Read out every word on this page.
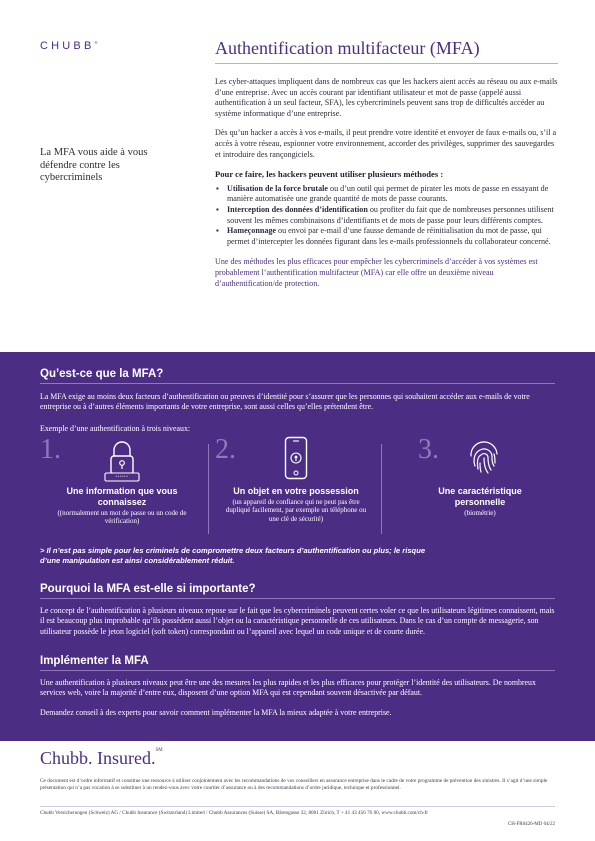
CHUBB®	Authentification multifacteur (MFA)
La MFA vous aide à vous défendre contre les cybercriminels

Les cyber-attaques impliquent dans de nombreux cas que les hackers aient accès au réseau ou aux e-mails d’une entreprise. Avec un accès courant par identifiant utilisateur et mot de passe (appelé aussi authentification à un seul facteur, SFA), les cybercriminels peuvent sans trop de difficultés accéder au système informatique d’une entreprise.

Dès qu’un hacker a accès à vos e-mails, il peut prendre votre identité et envoyer de faux e-mails ou, s’il a accès à votre réseau, espionner votre environnement, accorder des privilèges, supprimer des sauvegardes et introduire des rançongiciels.

Pour ce faire, les hackers peuvent utiliser plusieurs méthodes :
▪ Utilisation de la force brutale ou d’un outil qui permet de pirater les mots de passe en essayant de manière automatisée une grande quantité de mots de passe courants.
▪ Interception des données d’identification ou profiter du fait que de nombreuses personnes utilisent souvent les mêmes combinaisons d’identifiants et de mots de passe pour leurs différents comptes.
▪ Hameçonnage ou envoi par e-mail d’une fausse demande de réinitialisation du mot de passe, qui permet d’intercepter les données figurant dans les e-mails professionnels du collaborateur concerné.

Une des méthodes les plus efficaces pour empêcher les cybercriminels d’accéder à vos systèmes est probablement l’authentification multifacteur (MFA) car elle offre un deuxième niveau d’authentification/de protection.

Qu’est-ce que la MFA?
La MFA exige au moins deux facteurs d’authentification ou preuves d’identité pour s’assurer que les personnes qui souhaitent accéder aux e-mails de votre entreprise ou à d’autres éléments importants de votre entreprise, sont aussi celles qu’elles prétendent être.
Exemple d’une authentification à trois niveaux:
1.
******
Une information que vous connaissez
((normalement un mot de passe ou un code de vérification)
2.
Un objet en votre possession
(un appareil de confiance qui ne peut pas être dupliqué facilement, par exemple un téléphone ou une clé de sécurité)
3.
Une caractéristique personnelle
(biométrie)
> Il n’est pas simple pour les criminels de compromettre deux facteurs d’authentification ou plus; le risque d’une manipulation est ainsi considérablement réduit.
Pourquoi la MFA est-elle si importante?
Le concept de l’authentification à plusieurs niveaux repose sur le fait que les cybercriminels peuvent certes voler ce que les utilisateurs légitimes connaissent, mais il est beaucoup plus improbable qu’ils possèdent aussi l’objet ou la caractéristique personnelle de ces utilisateurs. Dans le cas d’un compte de messagerie, son utilisateur possède le jeton logiciel (soft token) correspondant ou l’appareil avec lequel un code unique et de courte durée.
Implémenter la MFA
Une authentification à plusieurs niveaux peut être une des mesures les plus rapides et les plus efficaces pour protéger l’identité des utilisateurs. De nombreux services web, voire la majorité d’entre eux, disposent d’une option MFA qui est cependant souvent désactivée par défaut.
Demandez conseil à des experts pour savoir comment implémenter la MFA la mieux adaptée à votre entreprise.
Chubb. Insured.℠
Ce document est d’ordre informatif et constitue une ressource à utiliser conjointement avec les recommandations de vos conseillers en assurance entreprise dans le cadre de votre programme de prévention des sinistres. Il s’agit d’une simple présentation qui n’a pas vocation à se substituer à un rendez-vous avec votre courtier d’assurance ou à des recommandations d’ordre juridique, technique et professionnel.
Chubb Versicherungen (Schweiz) AG / Chubb Insurance (Switzerland) Limited / Chubb Assurances (Suisse) SA, Bärengasse 32, 8001 Zürich, T + 41 43 456 76 00, www.chubb.com/ch-fr
CH-FR0426-MD 04/22
